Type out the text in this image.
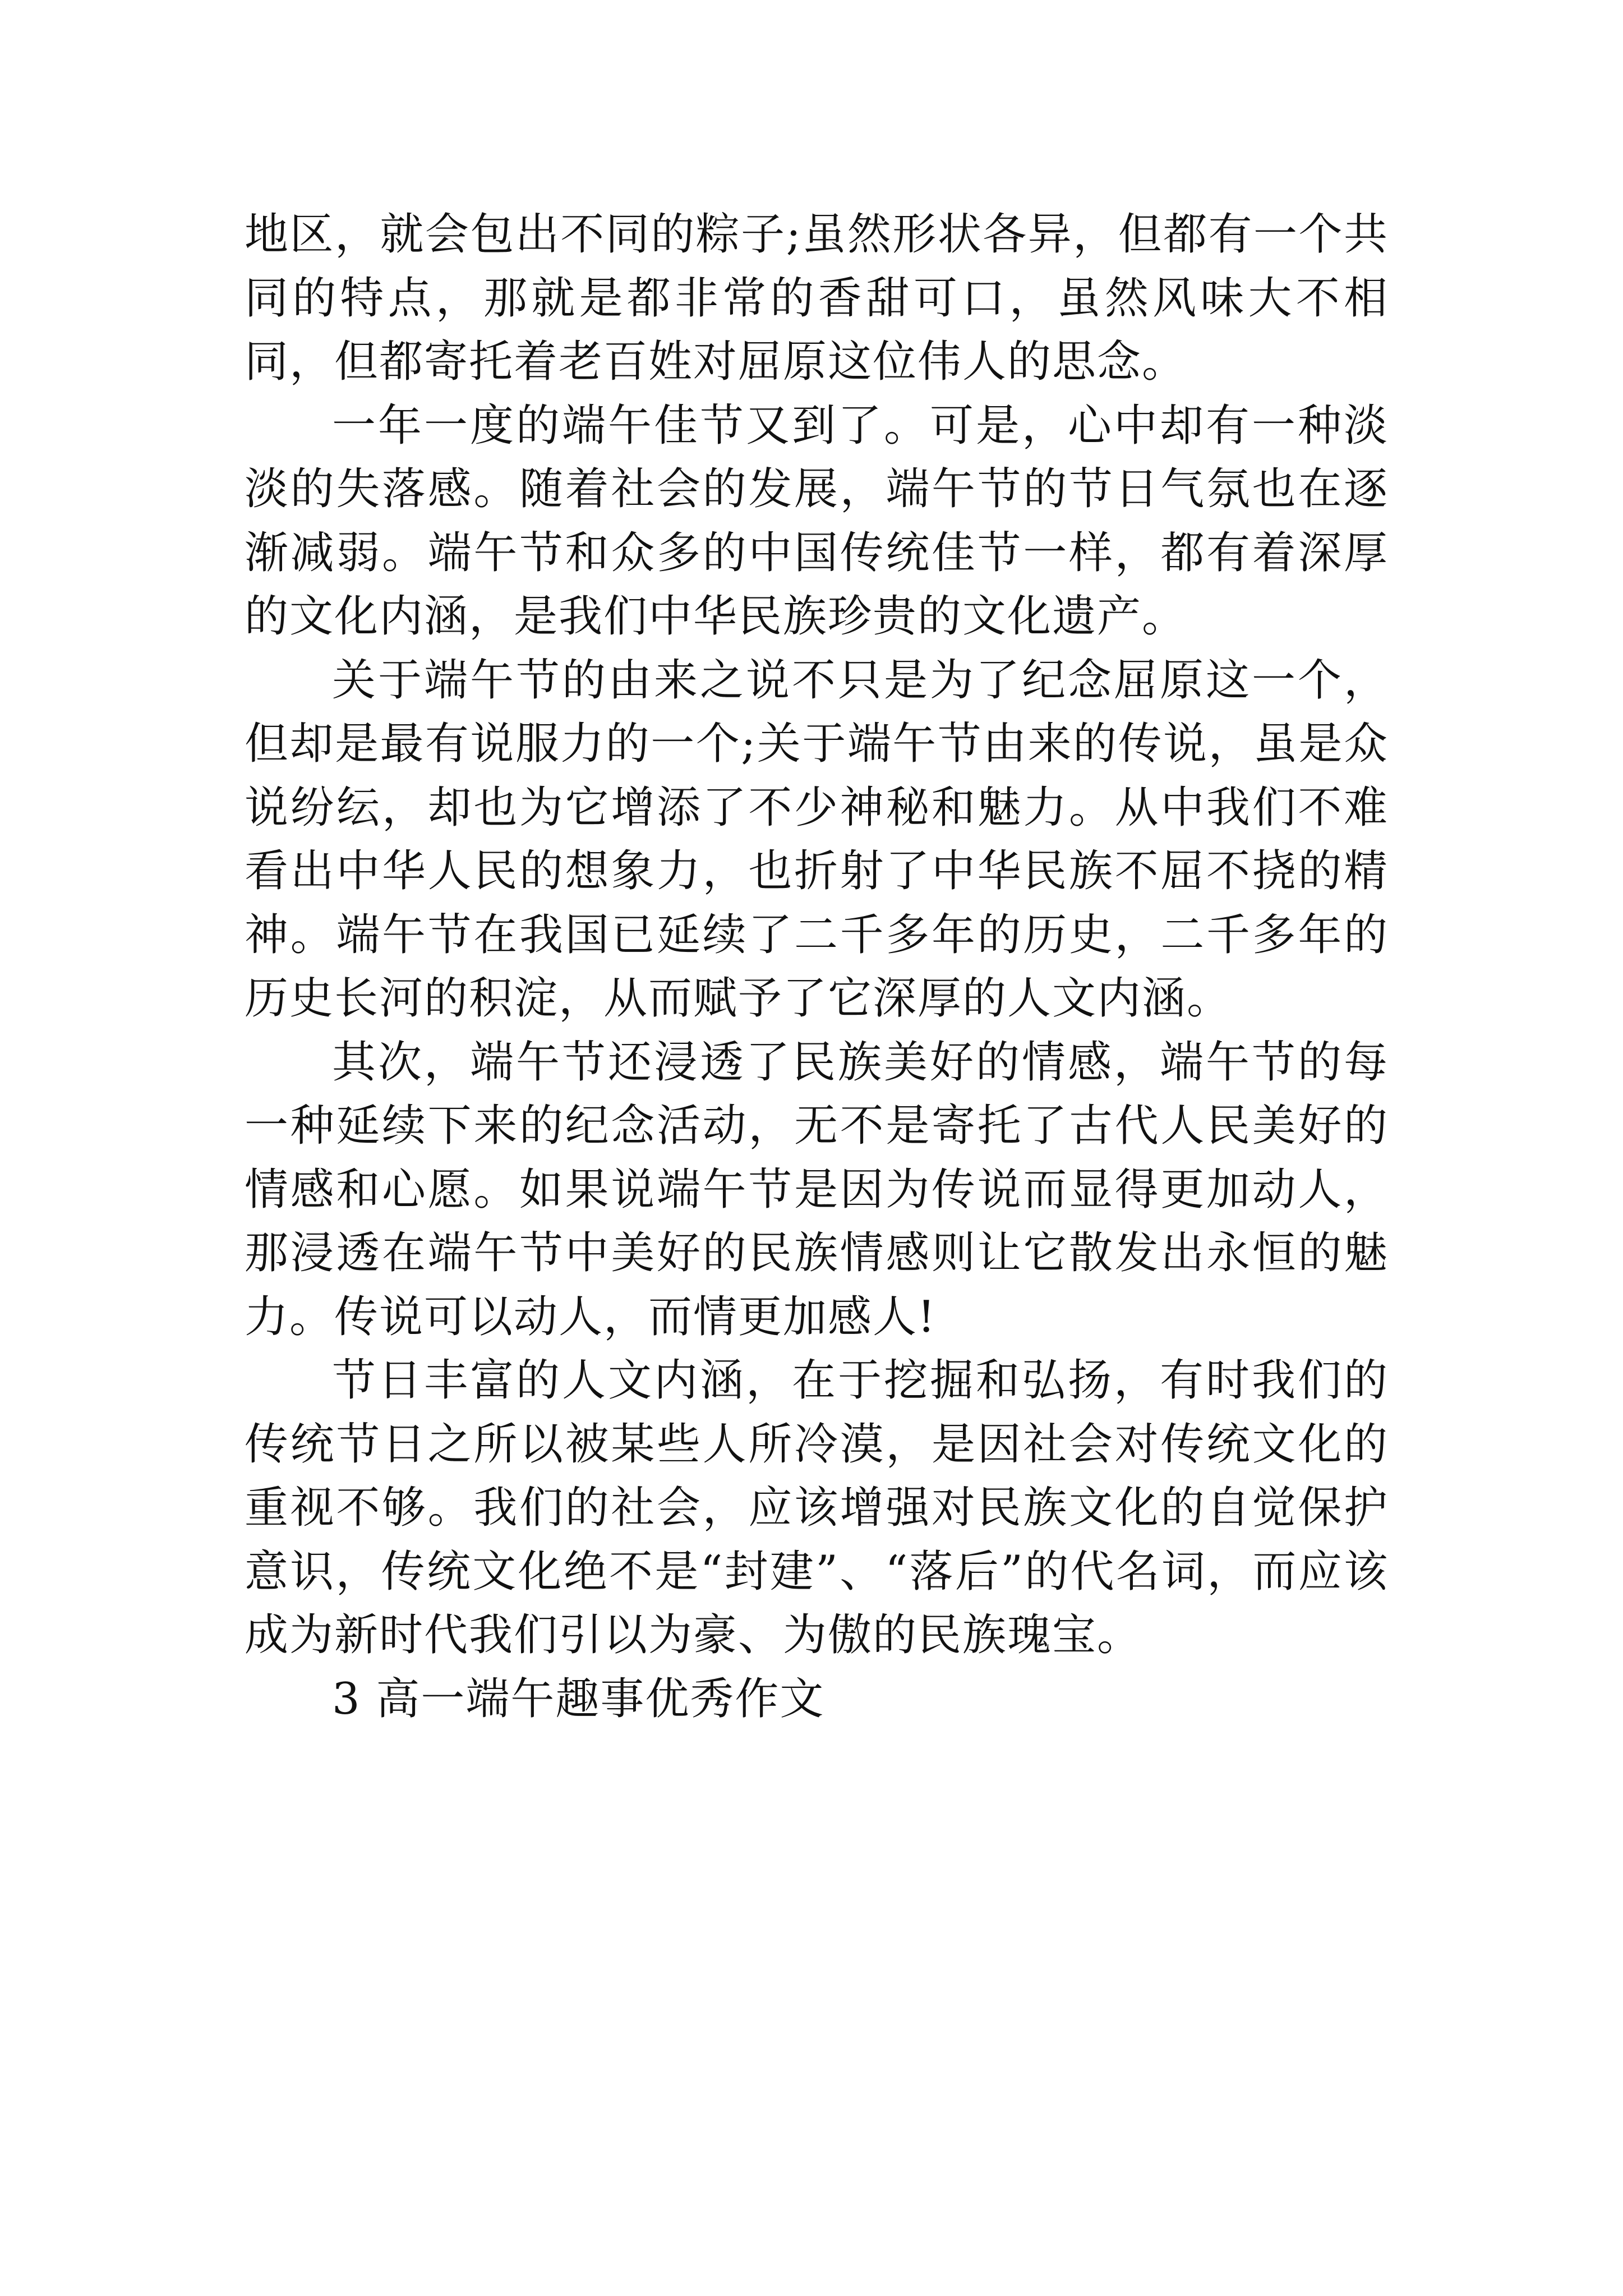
地区，就会包出不同的粽子;虽然形状各异，但都有一个共同的特点，那就是都非常的香甜可口，虽然风味大不相同，但都寄托着老百姓对屈原这位伟人的思念。

一年一度的端午佳节又到了。可是，心中却有一种淡淡的失落感。随着社会的发展，端午节的节日气氛也在逐渐减弱。端午节和众多的中国传统佳节一样，都有着深厚的文化内涵，是我们中华民族珍贵的文化遗产。

关于端午节的由来之说不只是为了纪念屈原这一个，但却是最有说服力的一个;关于端午节由来的传说，虽是众说纷纭，却也为它增添了不少神秘和魅力。从中我们不难看出中华人民的想象力，也折射了中华民族不屈不挠的精神。端午节在我国已延续了二千多年的历史，二千多年的历史长河的积淀，从而赋予了它深厚的人文内涵。

其次，端午节还浸透了民族美好的情感，端午节的每一种延续下来的纪念活动，无不是寄托了古代人民美好的情感和心愿。如果说端午节是因为传说而显得更加动人，那浸透在端午节中美好的民族情感则让它散发出永恒的魅力。传说可以动人，而情更加感人!

节日丰富的人文内涵，在于挖掘和弘扬，有时我们的传统节日之所以被某些人所冷漠，是因社会对传统文化的重视不够。我们的社会，应该增强对民族文化的自觉保护意识，传统文化绝不是“封建”、“落后”的代名词，而应该成为新时代我们引以为豪、为傲的民族瑰宝。

3 高一端午趣事优秀作文
